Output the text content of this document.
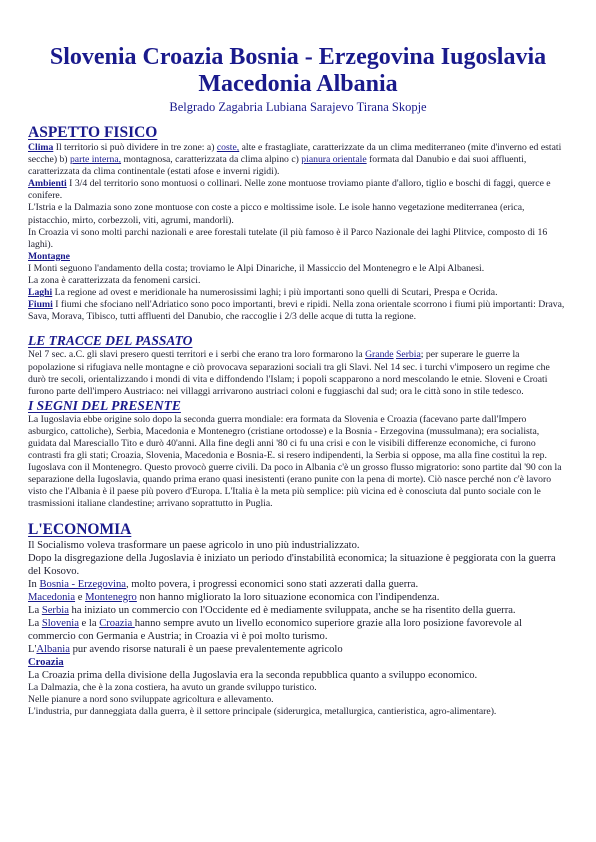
Slovenia Croazia Bosnia - Erzegovina Iugoslavia Macedonia Albania
Belgrado Zagabria Lubiana Sarajevo Tirana Skopje
ASPETTO FISICO

Clima Il territorio si può dividere in tre zone: a) coste, alte e frastagliate, caratterizzate da un clima mediterraneo (mite d'inverno ed estati secche) b) parte interna, montagnosa, caratterizzata da clima alpino c) pianura orientale formata dal Danubio e dai suoi affluenti, caratterizzata da clima continentale (estati afose e inverni rigidi).

Ambienti I 3/4 del territorio sono montuosi o collinari. Nelle zone montuose troviamo piante d'alloro, tiglio e boschi di faggi, querce e conifere.

L'Istria e la Dalmazia sono zone montuose con coste a picco e moltissime isole. Le isole hanno vegetazione mediterranea (erica, pistacchio, mirto, corbezzoli, viti, agrumi, mandorli).

In Croazia vi sono molti parchi nazionali e aree forestali tutelate (il più famoso è il Parco Nazionale dei laghi Plitvice, composto di 16 laghi).

Montagne

I Monti seguono l'andamento della costa; troviamo le Alpi Dinariche, il Massiccio del Montenegro e le Alpi Albanesi.

La zona è caratterizzata da fenomeni carsici.

Laghi La regione ad ovest e meridionale ha numerosissimi laghi; i più importanti sono quelli di Scutari, Prespa e Ocrida.

Fiumi I fiumi che sfociano nell'Adriatico sono poco importanti, brevi e ripidi. Nella zona orientale scorrono i fiumi più importanti: Drava, Sava, Morava, Tibisco, tutti affluenti del Danubio, che raccoglie i 2/3 delle acque di tutta la regione.

LE TRACCE DEL PASSATO

Nel 7 sec. a.C. gli slavi presero questi territori e i serbi che erano tra loro formarono la Grande Serbia; per superare le guerre la popolazione si rifugiava nelle montagne e ciò provocava separazioni sociali tra gli Slavi. Nel 14 sec. i turchi v'imposero un regime che durò tre secoli, orientalizzando i mondi di vita e diffondendo l'Islam; i popoli scapparono a nord mescolando le etnie. Sloveni e Croati furono parte dell'impero Austriaco: nei villaggi arrivarono austriaci coloni e fuggiaschi dal sud; ora le città sono in stile tedesco.

I SEGNI DEL PRESENTE

La Iugoslavia ebbe origine solo dopo la seconda guerra mondiale: era formata da Slovenia e Croazia (facevano parte dall'Impero asburgico, cattoliche), Serbia, Macedonia e Montenegro (cristiane ortodosse) e la Bosnia - Erzegovina (mussulmana); era socialista, guidata dal Maresciallo Tito e durò 40'anni. Alla fine degli anni '80 ci fu una crisi e con le visibili differenze economiche, ci furono contrasti fra gli stati; Croazia, Slovenia, Macedonia e Bosnia-E. si resero indipendenti, la Serbia si oppose, ma alla fine costituì la rep. Iugoslava con il Montenegro. Questo provocò guerre civili. Da poco in Albania c'è un grosso flusso migratorio: sono partite dal '90 con la separazione della Iugoslavia, quando prima erano quasi inesistenti (erano punite con la pena di morte). Ciò nasce perché non c'è lavoro visto che l'Albania è il paese più povero d'Europa. L'Italia è la meta più semplice: più vicina ed è conosciuta dal punto sociale con le trasmissioni italiane clandestine; arrivano soprattutto in Puglia.

L'ECONOMIA

Il Socialismo voleva trasformare un paese agricolo in uno più industrializzato.

Dopo la disgregazione della Jugoslavia è iniziato un periodo d'instabilità economica; la situazione è peggiorata con la guerra del Kosovo.

In Bosnia - Erzegovina, molto povera, i progressi economici sono stati azzerati dalla guerra.

Macedonia e Montenegro non hanno migliorato la loro situazione economica con l'indipendenza.

La Serbia ha iniziato un commercio con l'Occidente ed è mediamente sviluppata, anche se ha risentito della guerra.

La Slovenia e la Croazia hanno sempre avuto un livello economico superiore grazie alla loro posizione favorevole al commercio con Germania e Austria; in Croazia vi è poi molto turismo.

L'Albania pur avendo risorse naturali è un paese prevalentemente agricolo

Croazia

La Croazia prima della divisione della Jugoslavia era la seconda repubblica quanto a sviluppo economico.

La Dalmazia, che è la zona costiera, ha avuto un grande sviluppo turistico.

Nelle pianure a nord sono sviluppate agricoltura e allevamento.

L'industria, pur danneggiata dalla guerra, è il settore principale (siderurgica, metallurgica, cantieristica, agro-alimentare).
